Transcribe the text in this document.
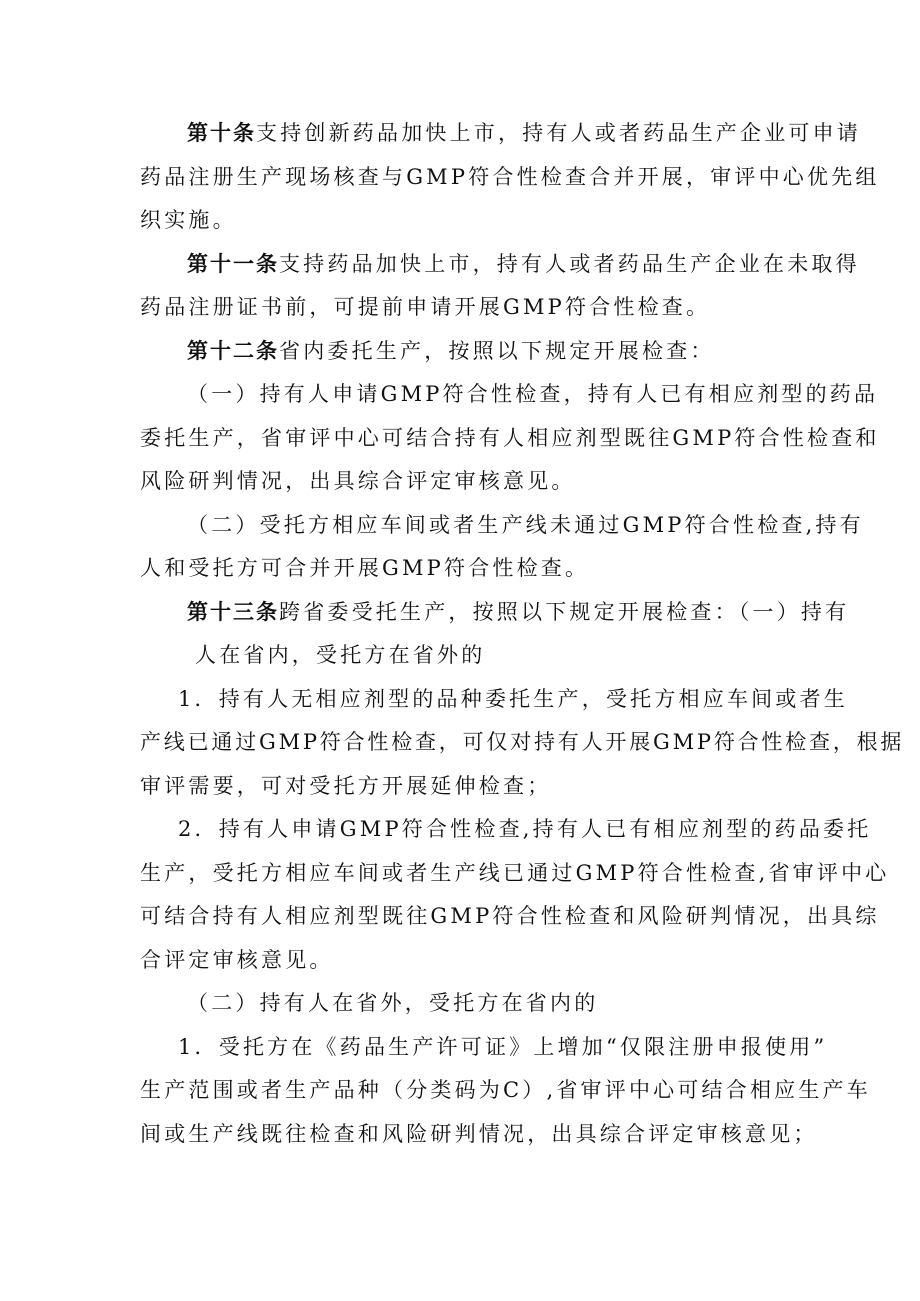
第十条支持创新药品加快上市，持有人或者药品生产企业可申请
药品注册生产现场核查与GMP符合性检查合并开展，审评中心优先组
织实施。
第十一条支持药品加快上市，持有人或者药品生产企业在未取得
药品注册证书前，可提前申请开展GMP符合性检查。
第十二条省内委托生产，按照以下规定开展检查：
（一）持有人申请GMP符合性检查，持有人已有相应剂型的药品
委托生产，省审评中心可结合持有人相应剂型既往GMP符合性检查和
风险研判情况，出具综合评定审核意见。
（二）受托方相应车间或者生产线未通过GMP符合性检查,持有
人和受托方可合并开展GMP符合性检查。
第十三条跨省委受托生产，按照以下规定开展检查：（一）持有
人在省内，受托方在省外的
1．持有人无相应剂型的品种委托生产，受托方相应车间或者生
产线已通过GMP符合性检查，可仅对持有人开展GMP符合性检查，根据
审评需要，可对受托方开展延伸检查；
2．持有人申请GMP符合性检查,持有人已有相应剂型的药品委托
生产，受托方相应车间或者生产线已通过GMP符合性检查,省审评中心
可结合持有人相应剂型既往GMP符合性检查和风险研判情况，出具综
合评定审核意见。
（二）持有人在省外，受托方在省内的
1．受托方在《药品生产许可证》上增加“仅限注册申报使用”
生产范围或者生产品种（分类码为C）,省审评中心可结合相应生产车
间或生产线既往检查和风险研判情况，出具综合评定审核意见；
